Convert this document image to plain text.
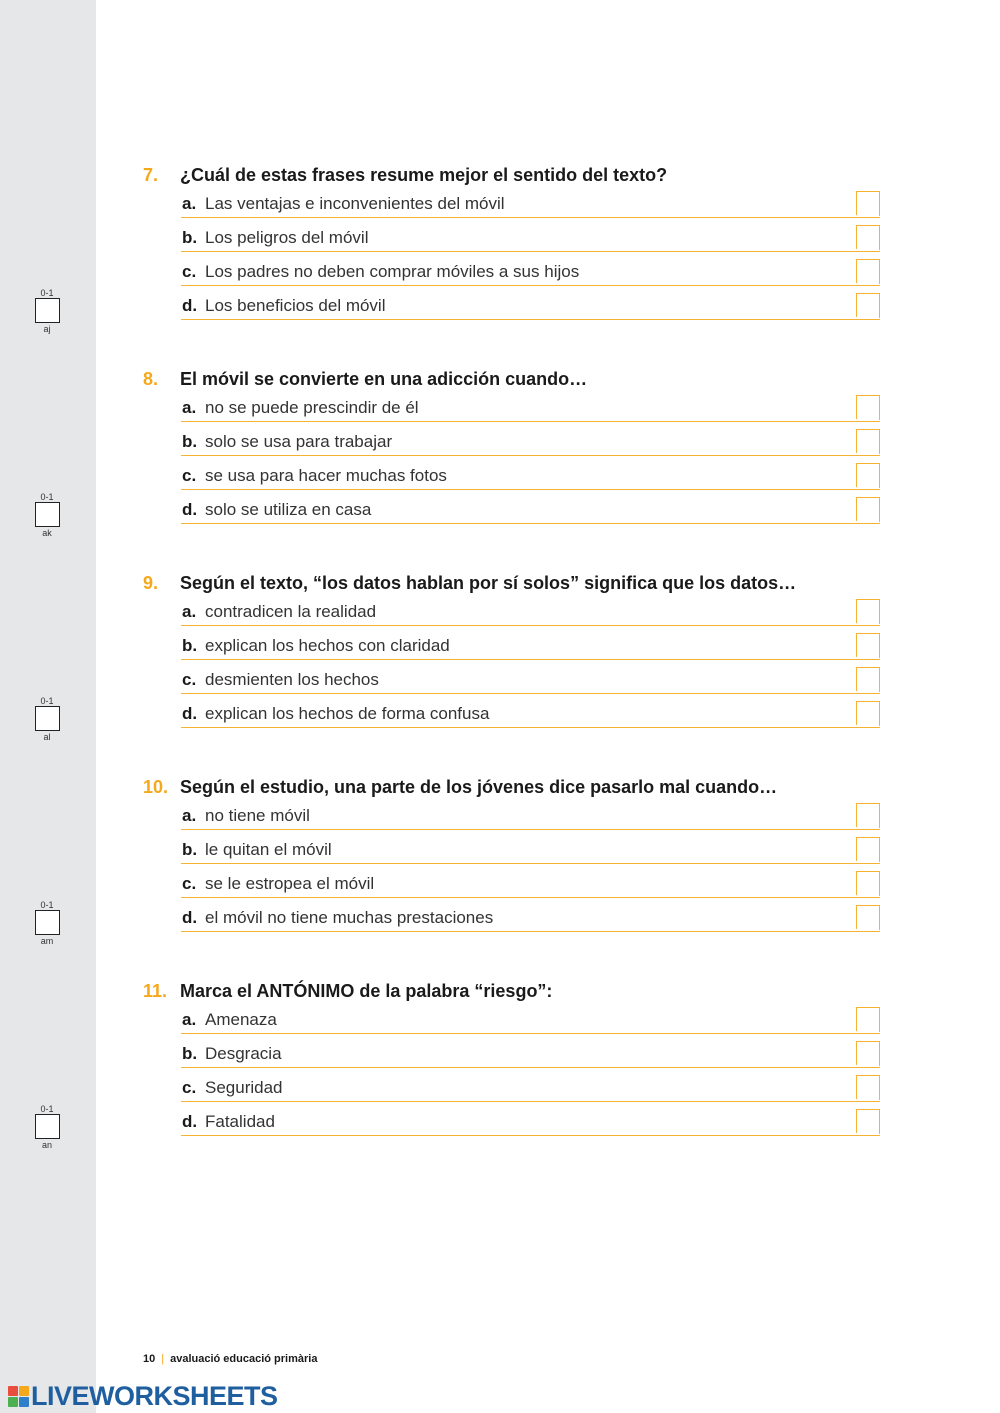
0-1
aj
0-1
ak
0-1
al
0-1
am
0-1
an
7. ¿Cuál de estas frases resume mejor el sentido del texto?
a. Las ventajas e inconvenientes del móvil
b. Los peligros del móvil
c. Los padres no deben comprar móviles a sus hijos
d. Los beneficios del móvil
8. El móvil se convierte en una adicción cuando…
a. no se puede prescindir de él
b. solo se usa para trabajar
c. se usa para hacer muchas fotos
d. solo se utiliza en casa
9. Según el texto, “los datos hablan por sí solos” significa que los datos…
a. contradicen la realidad
b. explican los hechos con claridad
c. desmienten los hechos
d. explican los hechos de forma confusa
10. Según el estudio, una parte de los jóvenes dice pasarlo mal cuando…
a. no tiene móvil
b. le quitan el móvil
c. se le estropea el móvil
d. el móvil no tiene muchas prestaciones
11. Marca el ANTÓNIMO de la palabra “riesgo”:
a. Amenaza
b. Desgracia
c. Seguridad
d. Fatalidad
10 | avaluació educació primària
LIVEWORKSHEETS
